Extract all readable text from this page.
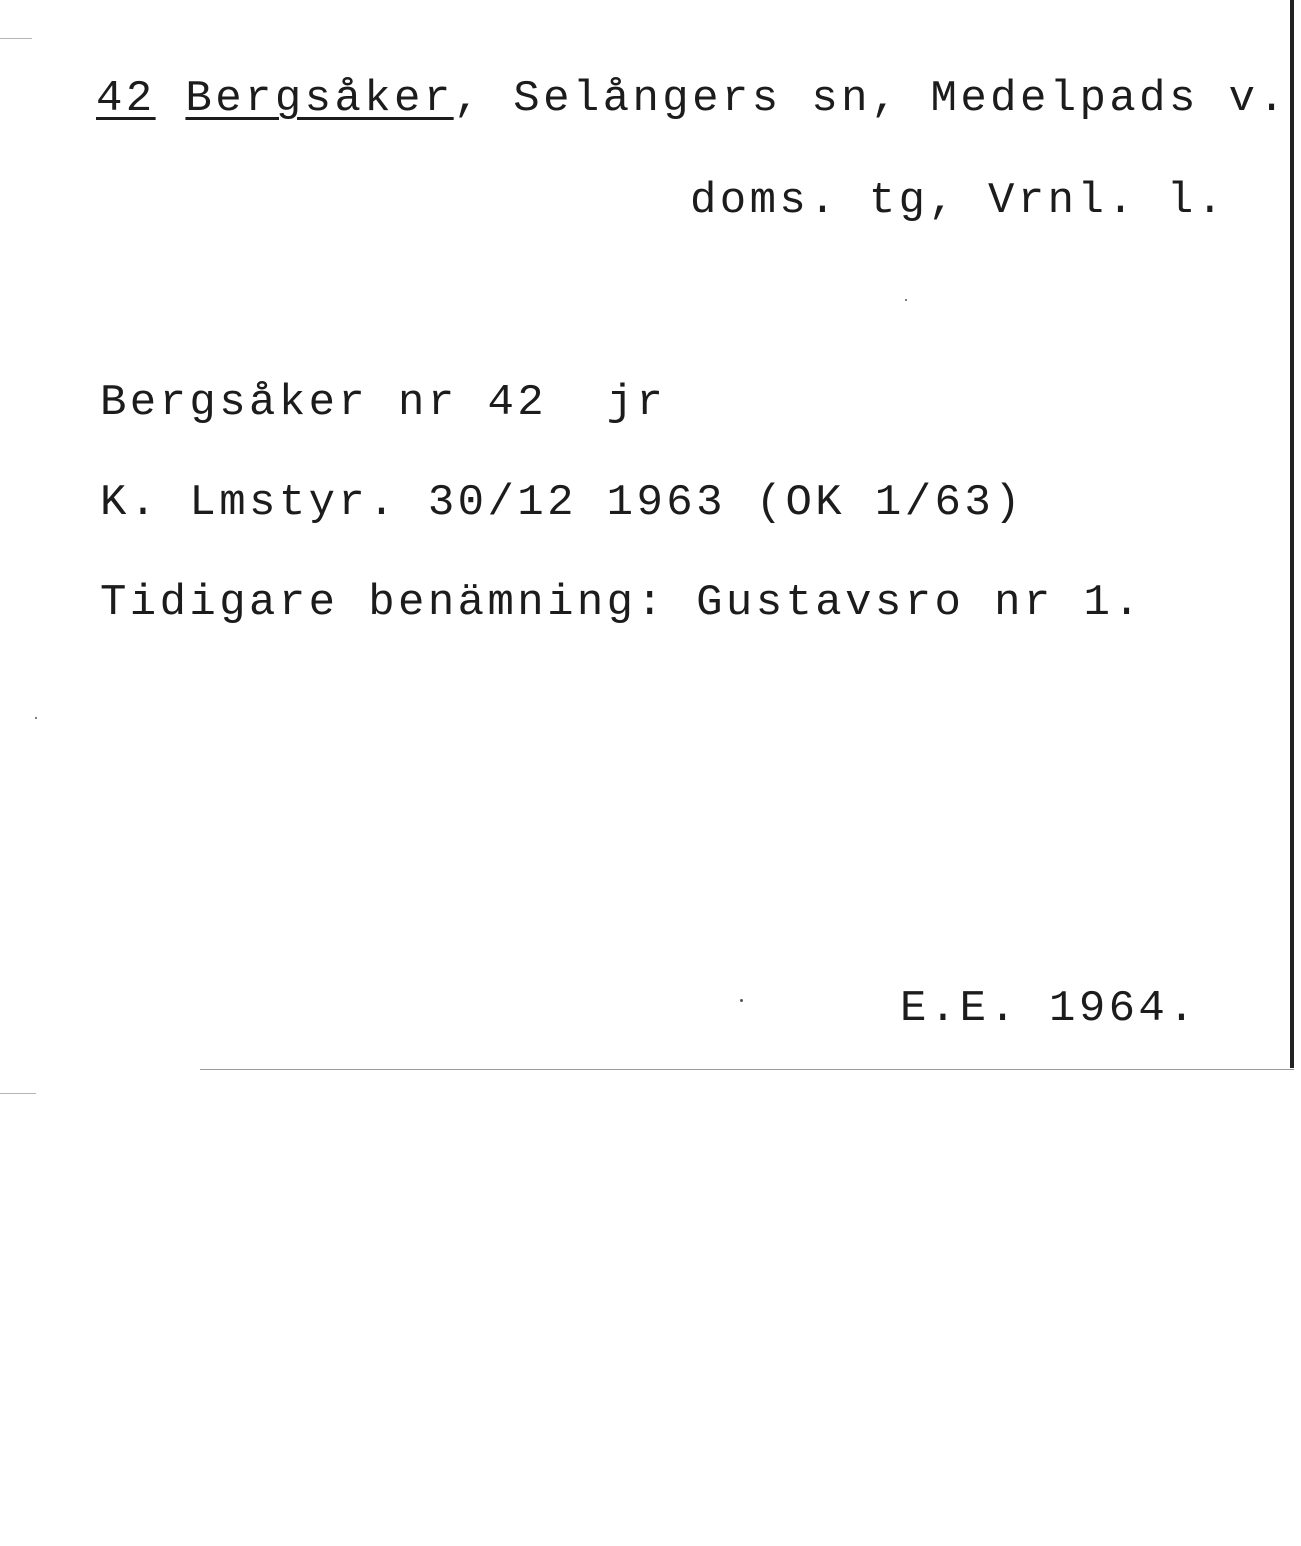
42 Bergsåker, Selångers sn, Medelpads v.
doms. tg, Vrnl. l.
Bergsåker nr 42  jr
K. Lmstyr. 30/12 1963 (OK 1/63)
Tidigare benämning: Gustavsro nr 1.
E.E. 1964.
